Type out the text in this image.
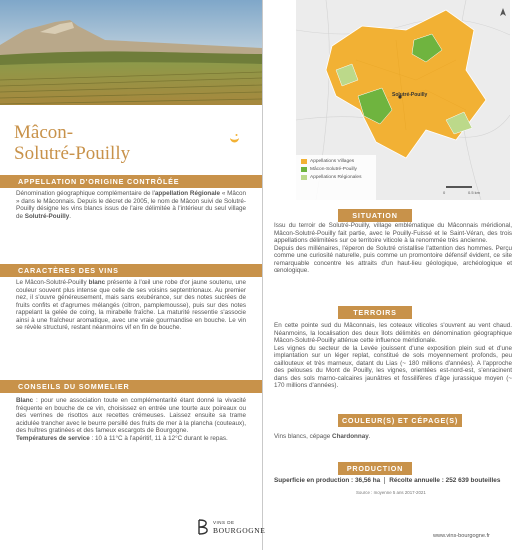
Mâcon-
Solutré-Pouilly
APPELLATION D'ORIGINE CONTRÔLÉE
Dénomination géographique complémentaire de l'appellation Régionale « Mâcon » dans le Mâconnais. Depuis le décret de 2005, le nom de Mâcon suivi de Solutré-Pouilly désigne les vins blancs issus de l'aire délimitée à l'intérieur du seul village de Solutré-Pouilly.
CARACTÈRES DES VINS
Le Mâcon-Solutré-Pouilly blanc présente à l'œil une robe d'or jaune soutenu, une couleur souvent plus intense que celle de ses voisins septentrionaux. Au premier nez, il s'ouvre généreusement, mais sans exubérance, sur des notes sucrées de fruits confits et d'agrumes mélangés (citron, pamplemousse), puis sur des notes rappelant la gelée de coing, la mirabelle fraîche. La maturité ressentie s'associe ainsi à une fraîcheur aromatique, avec une vraie gourmandise en bouche. Le vin se révèle structuré, restant néanmoins vif en fin de bouche.
CONSEILS DU SOMMELIER
Blanc : pour une association toute en complémentarité étant donné la vivacité fréquente en bouche de ce vin, choisissez en entrée une tourte aux poireaux ou des verrines de risottos aux recettes crémeuses. Laissez ensuite sa trame acidulée trancher avec le beurre persillé des fruits de mer à la plancha (couteaux), des huîtres gratinées et des fameux escargots de Bourgogne.
Températures de service : 10 à 11°C à l'apéritif, 11 à 12°C durant le repas.
Solutré-Pouilly
Appellations Villages
Mâcon-Solutré-Pouilly
Appellations Régionales
0	0.5 km
SITUATION
Issu du terroir de Solutré-Pouilly, village emblématique du Mâconnais méridional, Mâcon-Solutré-Pouilly fait partie, avec le Pouilly-Fuissé et le Saint-Véran, des trois appellations délimitées sur ce territoire viticole à la renommée très ancienne.
Depuis des millénaires, l'éperon de Solutré cristallise l'attention des hommes. Perçu comme une curiosité naturelle, puis comme un promontoire défensif évident, ce site remarquable concentre les attraits d'un haut-lieu géologique, archéologique et œnologique.
TERROIRS
En cette pointe sud du Mâconnais, les coteaux viticoles s'ouvrent au vent chaud. Néanmoins, la localisation des deux îlots délimités en dénomination géographique Mâcon-Solutré-Pouilly atténue cette influence méridionale.
Les vignes du secteur de la Levée jouissent d'une exposition plein sud et d'une implantation sur un léger replat, constitué de sols moyennement profonds, peu caillouteux et très marneux, datant du Lias (~ 180 millions d'années). A l'approche des pelouses du Mont de Pouilly, les vignes, orientées est-nord-est, s'enracinent dans des sols marno-calcaires jaunâtres et fossilifères d'âge jurassique moyen (~ 170 millions d'années).
COULEUR(S) ET CÉPAGE(S)
Vins blancs, cépage Chardonnay.
PRODUCTION
Superficie en production : 36,56 ha	Récolte annuelle : 252 639 bouteilles
Source : moyenne 5 ans 2017-2021
VINS DE
BOURGOGNE
www.vins-bourgogne.fr
